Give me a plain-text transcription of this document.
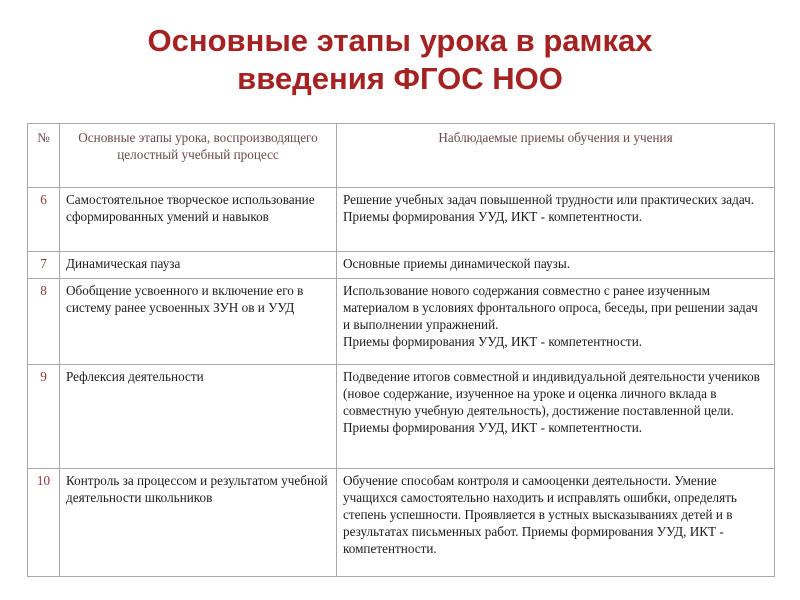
Основные этапы урока в рамках
введения ФГОС НОО
№	Основные этапы урока, воспроизводящего целостный учебный процесс	Наблюдаемые приемы обучения и учения
6	Самостоятельное творческое использование сформированных умений и навыков	Решение учебных задач повышенной трудности или практических задач.
Приемы формирования УУД, ИКТ - компетентности.

7	Динамическая пауза	Основные приемы динамической паузы.

8	Обобщение усвоенного и включение его в систему ранее усвоенных ЗУН ов и УУД	Использование нового содержания совместно с ранее изученным материалом в условиях фронтального опроса, беседы, при решении задач и выполнении упражнений.
Приемы формирования УУД, ИКТ - компетентности.

9	Рефлексия деятельности	Подведение итогов совместной и индивидуальной деятельности учеников (новое содержание, изученное на уроке и оценка личного вклада в совместную учебную деятельность), достижение поставленной цели. Приемы формирования УУД, ИКТ - компетентности.

10	Контроль за процессом и результатом учебной деятельности школьников	Обучение способам контроля и самооценки деятельности. Умение учащихся самостоятельно находить и исправлять ошибки, определять степень успешности. Проявляется в устных высказываниях детей и в результатах письменных работ. Приемы формирования УУД, ИКТ - компетентности.
